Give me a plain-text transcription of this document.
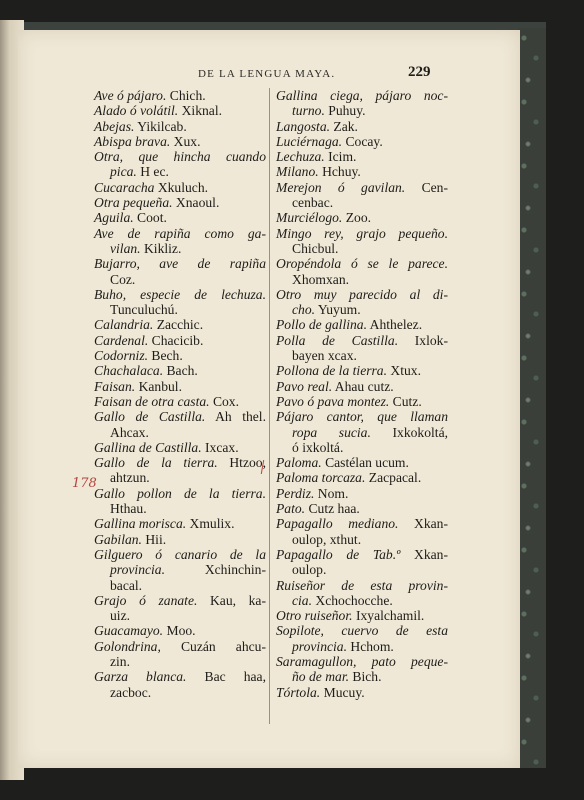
DE LA LENGUA MAYA.	229
178
Ave ó pájaro. Chich.
Alado ó volátil. Xiknal.
Abejas. Yikilcab.
Abispa brava. Xux.
Otra, que hincha cuando
pica. H ec.
Cucaracha Xkuluch.
Otra pequeña. Xnaoul.
Aguila. Coot.
Ave de rapiña como ga-
vilan. Kikliz.
Bujarro, ave de rapiña
Coz.
Buho, especie de lechuza.
Tunculuchú.
Calandria. Zacchic.
Cardenal. Chacicib.
Codorniz. Bech.
Chachalaca. Bach.
Faisan. Kanbul.
Faisan de otra casta. Cox.
Gallo de Castilla. Ah thel.
Ahcax.
Gallina de Castilla. Ixcax.
Gallo de la tierra. Htzoo,
ahtzun.
Gallo pollon de la tierra.
Hthau.
Gallina morisca. Xmulix.
Gabilan. Hii.
Gilguero ó canario de la
provincia. Xchinchin-
bacal.
Grajo ó zanate. Kau, ka-
uiz.
Guacamayo. Moo.
Golondrina, Cuzán ahcu-
zin.
Garza blanca. Bac haa,
zacboc.
Gallina ciega, pájaro noc-
turno. Puhuy.
Langosta. Zak.
Luciérnaga. Cocay.
Lechuza. Icim.
Milano. Hchuy.
Merejon ó gavilan. Cen-
cenbac.
Murciélogo. Zoo.
Mingo rey, grajo pequeño.
Chicbul.
Oropéndola ó se le parece.
Xhomxan.
Otro muy parecido al di-
cho. Yuyum.
Pollo de gallina. Ahthelez.
Polla de Castilla. Ixlok-
bayen xcax.
Pollona de la tierra. Xtux.
Pavo real. Ahau cutz.
Pavo ó pava montez. Cutz.
Pájaro cantor, que llaman
ropa sucia. Ixkokoltá,
ó ixkoltá.
Paloma. Castélan ucum.
Paloma torcaza. Zacpacal.
Perdiz. Nom.
Pato. Cutz haa.
Papagallo mediano. Xkan-
oulop, xthut.
Papagallo de Tab.º Xkan-
oulop.
Ruiseñor de esta provin-
cia. Xchochocche.
Otro ruiseñor. Ixyalchamil.
Sopilote, cuervo de esta
provincia. Hchom.
Saramagullon, pato peque-
ño de mar. Bich.
Tórtola. Mucuy.
